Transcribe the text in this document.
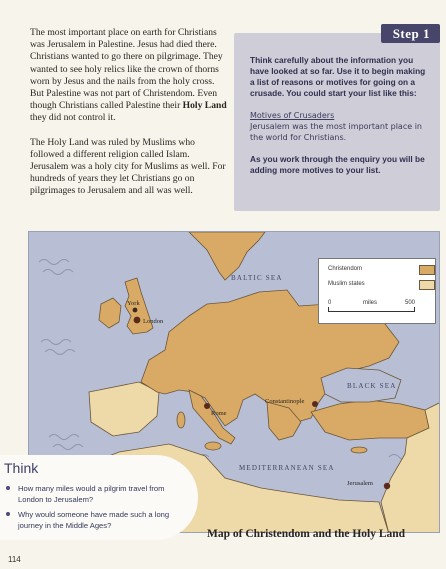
The most important place on earth for Christians was Jerusalem in Palestine. Jesus had died there. Christians wanted to go there on pilgrimage. They wanted to see holy relics like the crown of thorns worn by Jesus and the nails from the holy cross. But Palestine was not part of Christendom. Even though Christians called Palestine their Holy Land they did not control it.

The Holy Land was ruled by Muslims who followed a different religion called Islam. Jerusalem was a holy city for Muslims as well. For hundreds of years they let Christians go on pilgrimages to Jerusalem and all was well.

Step 1
Think carefully about the information you have looked at so far. Use it to begin making a list of reasons or motives for going on a crusade. You could start your list like this:
Motives of Crusaders
Jerusalem was the most important place in the world for Christians.
As you work through the enquiry you will be adding more motives to your list.
BALTIC SEA
BLACK SEA
MEDITERRANEAN SEA
York
London
Rome
Constantinople
Jerusalem
Christendom
Muslim states
0	miles	500
Think
How many miles would a pilgrim travel from London to Jerusalem?
Why would someone have made such a long journey in the Middle Ages?
Map of Christendom and the Holy Land
114
